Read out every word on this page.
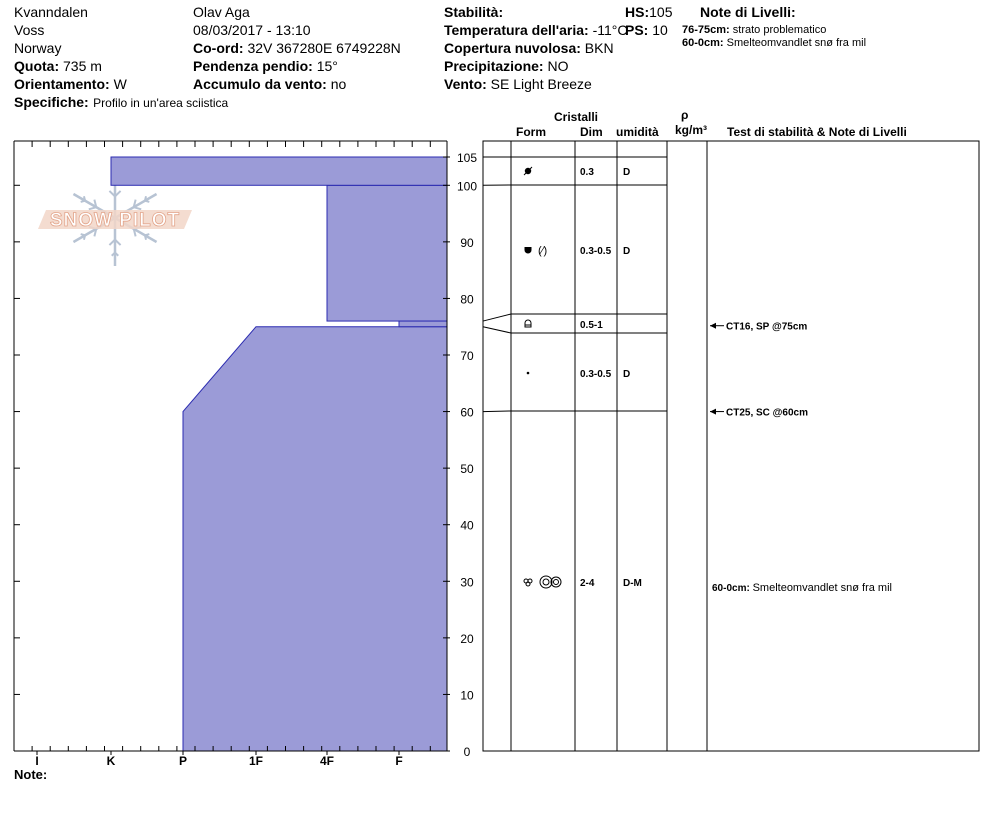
Kvanndalen
Voss
Norway
Quota: 735 m
Orientamento: W
Specifiche: Profilo in un'area sciistica
Olav Aga
08/03/2017 - 13:10
Co-ord: 32V 367280E 6749228N
Pendenza pendio: 15°
Accumulo da vento: no
Stabilità:
Temperatura dell'aria: -11°C
Copertura nuvolosa: BKN
Precipitazione: NO
Vento: SE Light Breeze
HS:105
PS: 10
Note di Livelli:
76-75cm: strato problematico
60-0cm: Smelteomvandlet snø fra mil
Cristalli
Form	Dim umidità
ρ
kg/m³ Test di stabilità & Note di Livelli
Note:
SNOW PILOT
0
10
20
30
40
50
60
70
80
90
100
105
I	K	P	1F	4F	F
0.3	D
(⁄)	0.3-0.5 D
0.5-1
0.3-0.5 D
2-4	D-M
CT16, SP @75cm
CT25, SC @60cm
60-0cm: Smelteomvandlet snø fra mil
